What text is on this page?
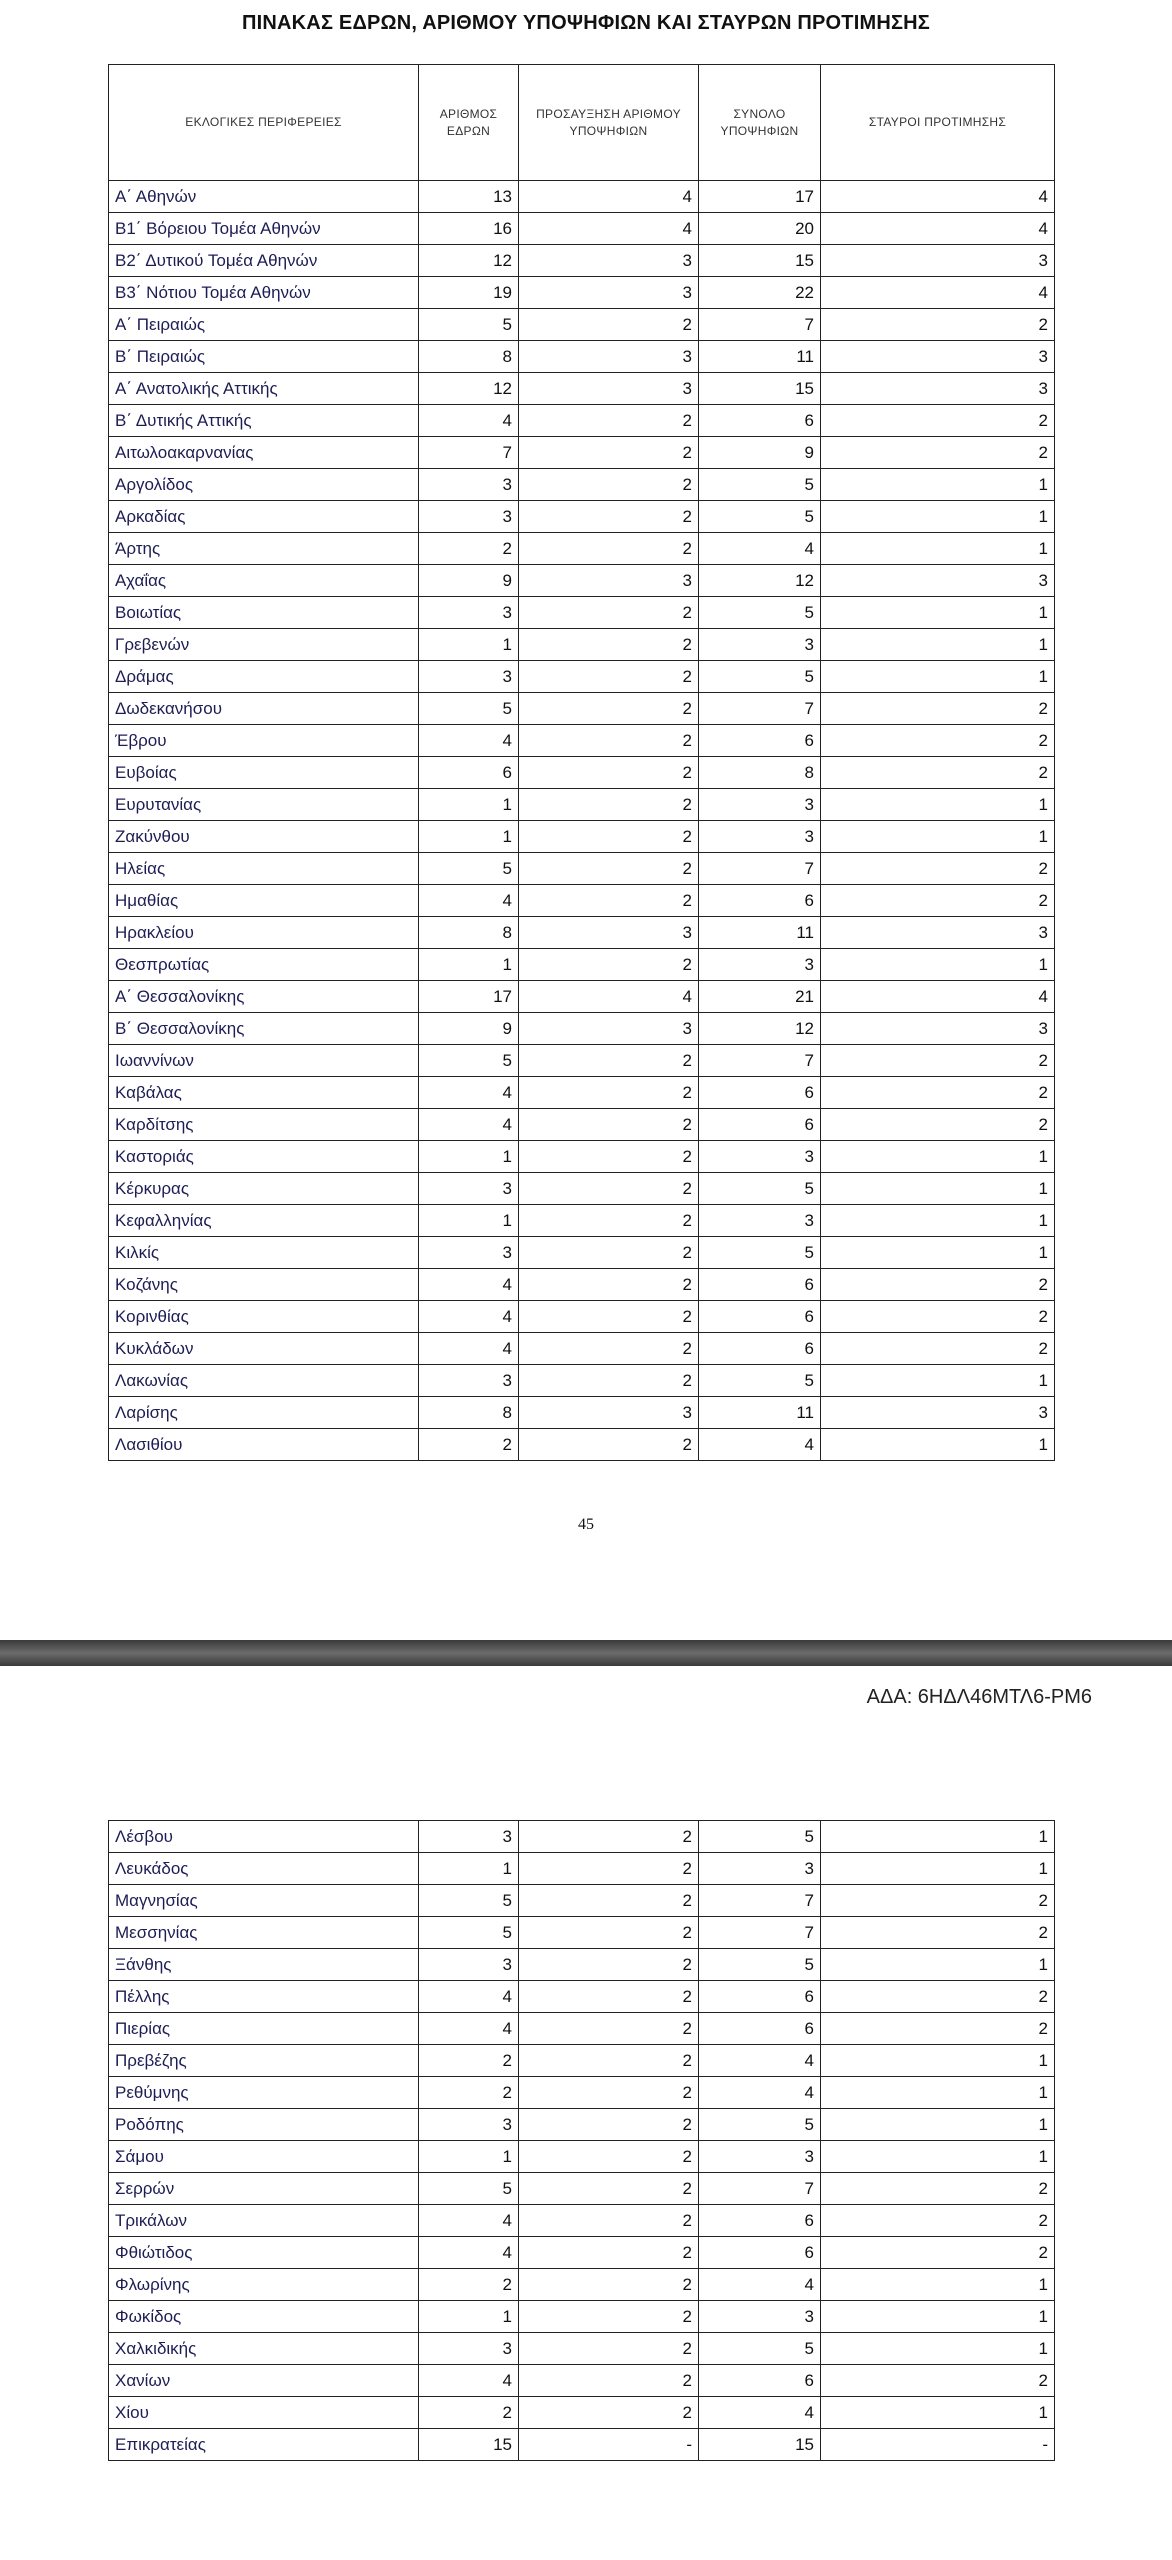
ΠΙΝΑΚΑΣ ΕΔΡΩΝ, ΑΡΙΘΜΟΥ ΥΠΟΨΗΦΙΩΝ ΚΑΙ ΣΤΑΥΡΩΝ ΠΡΟΤΙΜΗΣΗΣ
ΕΚΛΟΓΙΚΕΣ ΠΕΡΙΦΕΡΕΙΕΣ	ΑΡΙΘΜΟΣ ΕΔΡΩΝ	ΠΡΟΣΑΥΞΗΣΗ ΑΡΙΘΜΟΥ ΥΠΟΨΗΦΙΩΝ	ΣΥΝΟΛΟ ΥΠΟΨΗΦΙΩΝ	ΣΤΑΥΡΟΙ ΠΡΟΤΙΜΗΣΗΣ
Α΄ Αθηνών	13	4	17	4
Β1΄ Βόρειου Τομέα Αθηνών	16	4	20	4
Β2΄ Δυτικού Τομέα Αθηνών	12	3	15	3
Β3΄ Νότιου Τομέα Αθηνών	19	3	22	4
Α΄ Πειραιώς	5	2	7	2
Β΄ Πειραιώς	8	3	11	3
Α΄ Ανατολικής Αττικής	12	3	15	3
Β΄ Δυτικής Αττικής	4	2	6	2
Αιτωλοακαρνανίας	7	2	9	2
Αργολίδος	3	2	5	1
Αρκαδίας	3	2	5	1
Άρτης	2	2	4	1
Αχαΐας	9	3	12	3
Βοιωτίας	3	2	5	1
Γρεβενών	1	2	3	1
Δράμας	3	2	5	1
Δωδεκανήσου	5	2	7	2
Έβρου	4	2	6	2
Ευβοίας	6	2	8	2
Ευρυτανίας	1	2	3	1
Ζακύνθου	1	2	3	1
Ηλείας	5	2	7	2
Ημαθίας	4	2	6	2
Ηρακλείου	8	3	11	3
Θεσπρωτίας	1	2	3	1
Α΄ Θεσσαλονίκης	17	4	21	4
Β΄ Θεσσαλονίκης	9	3	12	3
Ιωαννίνων	5	2	7	2
Καβάλας	4	2	6	2
Καρδίτσης	4	2	6	2
Καστοριάς	1	2	3	1
Κέρκυρας	3	2	5	1
Κεφαλληνίας	1	2	3	1
Κιλκίς	3	2	5	1
Κοζάνης	4	2	6	2
Κορινθίας	4	2	6	2
Κυκλάδων	4	2	6	2
Λακωνίας	3	2	5	1
Λαρίσης	8	3	11	3
Λασιθίου	2	2	4	1
45
ΑΔΑ: 6ΗΔΛ46ΜΤΛ6-ΡΜ6
Λέσβου	3	2	5	1
Λευκάδος	1	2	3	1
Μαγνησίας	5	2	7	2
Μεσσηνίας	5	2	7	2
Ξάνθης	3	2	5	1
Πέλλης	4	2	6	2
Πιερίας	4	2	6	2
Πρεβέζης	2	2	4	1
Ρεθύμνης	2	2	4	1
Ροδόπης	3	2	5	1
Σάμου	1	2	3	1
Σερρών	5	2	7	2
Τρικάλων	4	2	6	2
Φθιώτιδος	4	2	6	2
Φλωρίνης	2	2	4	1
Φωκίδος	1	2	3	1
Χαλκιδικής	3	2	5	1
Χανίων	4	2	6	2
Χίου	2	2	4	1
Επικρατείας	15	-	15	-
